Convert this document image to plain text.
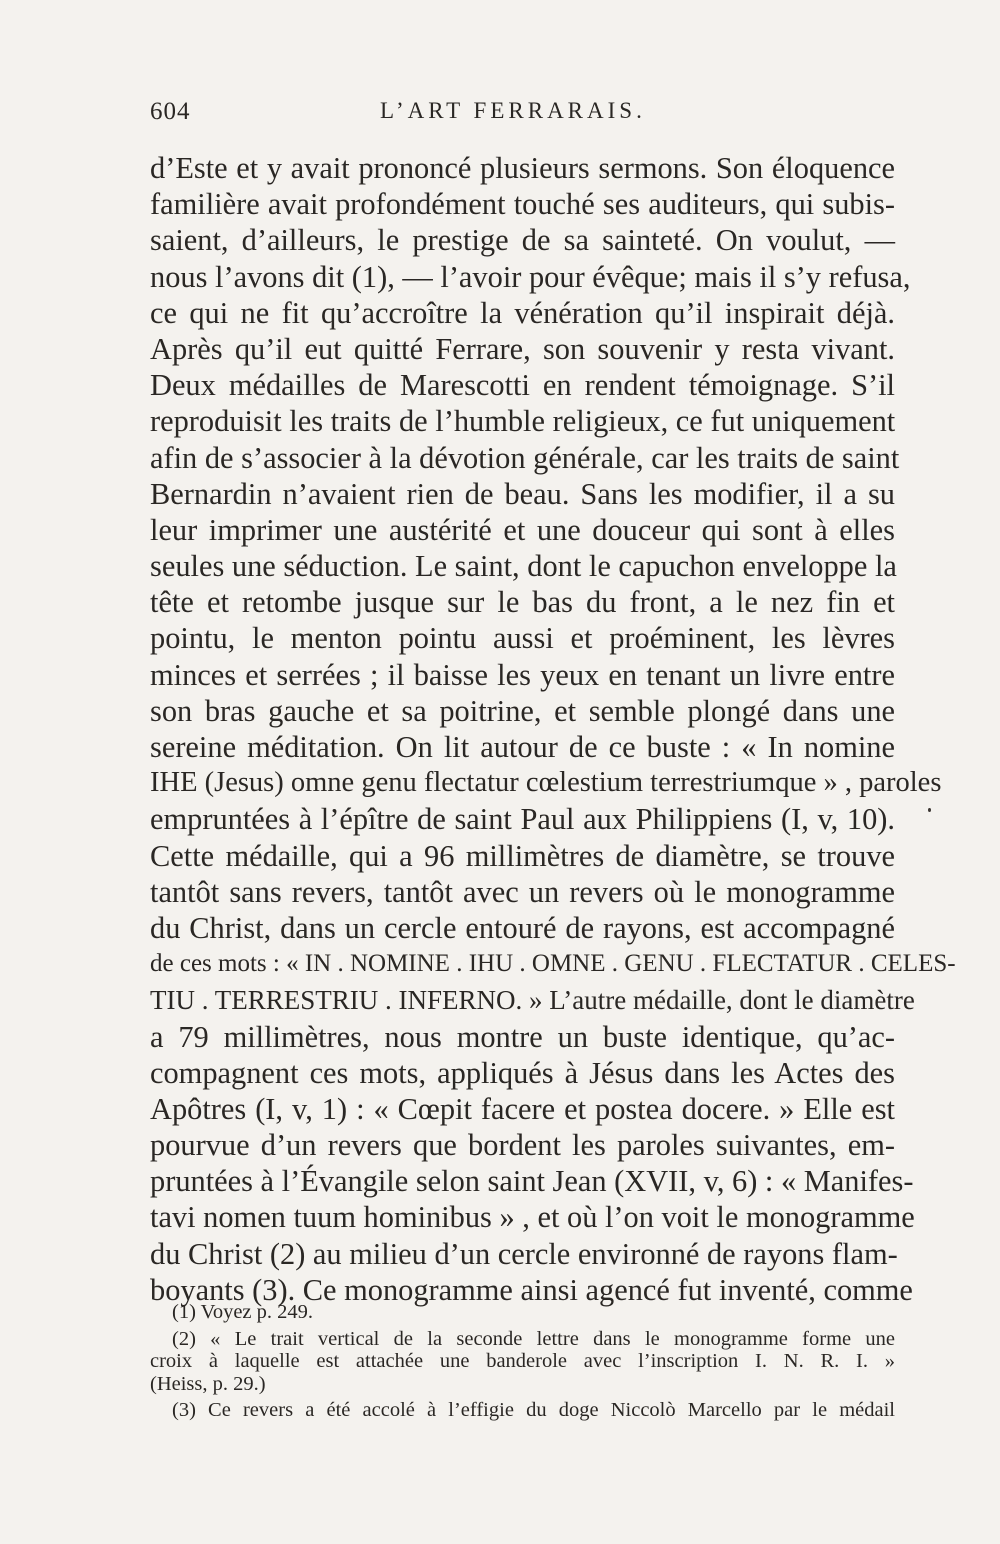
604	L’ART FERRARAIS.
d’Este et y avait prononcé plusieurs sermons. Son éloquence
familière avait profondément touché ses auditeurs, qui subis-
saient, d’ailleurs, le prestige de sa sainteté. On voulut, —
nous l’avons dit (1), — l’avoir pour évêque; mais il s’y refusa,
ce qui ne fit qu’accroître la vénération qu’il inspirait déjà.
Après qu’il eut quitté Ferrare, son souvenir y resta vivant.
Deux médailles de Marescotti en rendent témoignage. S’il
reproduisit les traits de l’humble religieux, ce fut uniquement
afin de s’associer à la dévotion générale, car les traits de saint
Bernardin n’avaient rien de beau. Sans les modifier, il a su
leur imprimer une austérité et une douceur qui sont à elles
seules une séduction. Le saint, dont le capuchon enveloppe la
tête et retombe jusque sur le bas du front, a le nez fin et
pointu, le menton pointu aussi et proéminent, les lèvres
minces et serrées ; il baisse les yeux en tenant un livre entre
son bras gauche et sa poitrine, et semble plongé dans une
sereine méditation. On lit autour de ce buste : « In nomine
IHE (Jesus) omne genu flectatur cœlestium terrestriumque » , paroles
empruntées à l’épître de saint Paul aux Philippiens (I, v, 10).
Cette médaille, qui a 96 millimètres de diamètre, se trouve
tantôt sans revers, tantôt avec un revers où le monogramme
du Christ, dans un cercle entouré de rayons, est accompagné
de ces mots : « IN . NOMINE . IHU . OMNE . GENU . FLECTATUR . CELES-
TIU . TERRESTRIU . INFERNO. » L’autre médaille, dont le diamètre
a 79 millimètres, nous montre un buste identique, qu’ac-
compagnent ces mots, appliqués à Jésus dans les Actes des
Apôtres (I, v, 1) : « Cœpit facere et postea docere. » Elle est
pourvue d’un revers que bordent les paroles suivantes, em-
pruntées à l’Évangile selon saint Jean (XVII, v, 6) : « Manifes-
tavi nomen tuum hominibus » , et où l’on voit le monogramme
du Christ (2) au milieu d’un cercle environné de rayons flam-
boyants (3). Ce monogramme ainsi agencé fut inventé, comme
(1) Voyez p. 249.
(2) « Le trait vertical de la seconde lettre dans le monogramme forme une
croix à laquelle est attachée une banderole avec l’inscription I. N. R. I. »
(Heiss, p. 29.)
(3) Ce revers a été accolé à l’effigie du doge Niccolò Marcello par le médail
